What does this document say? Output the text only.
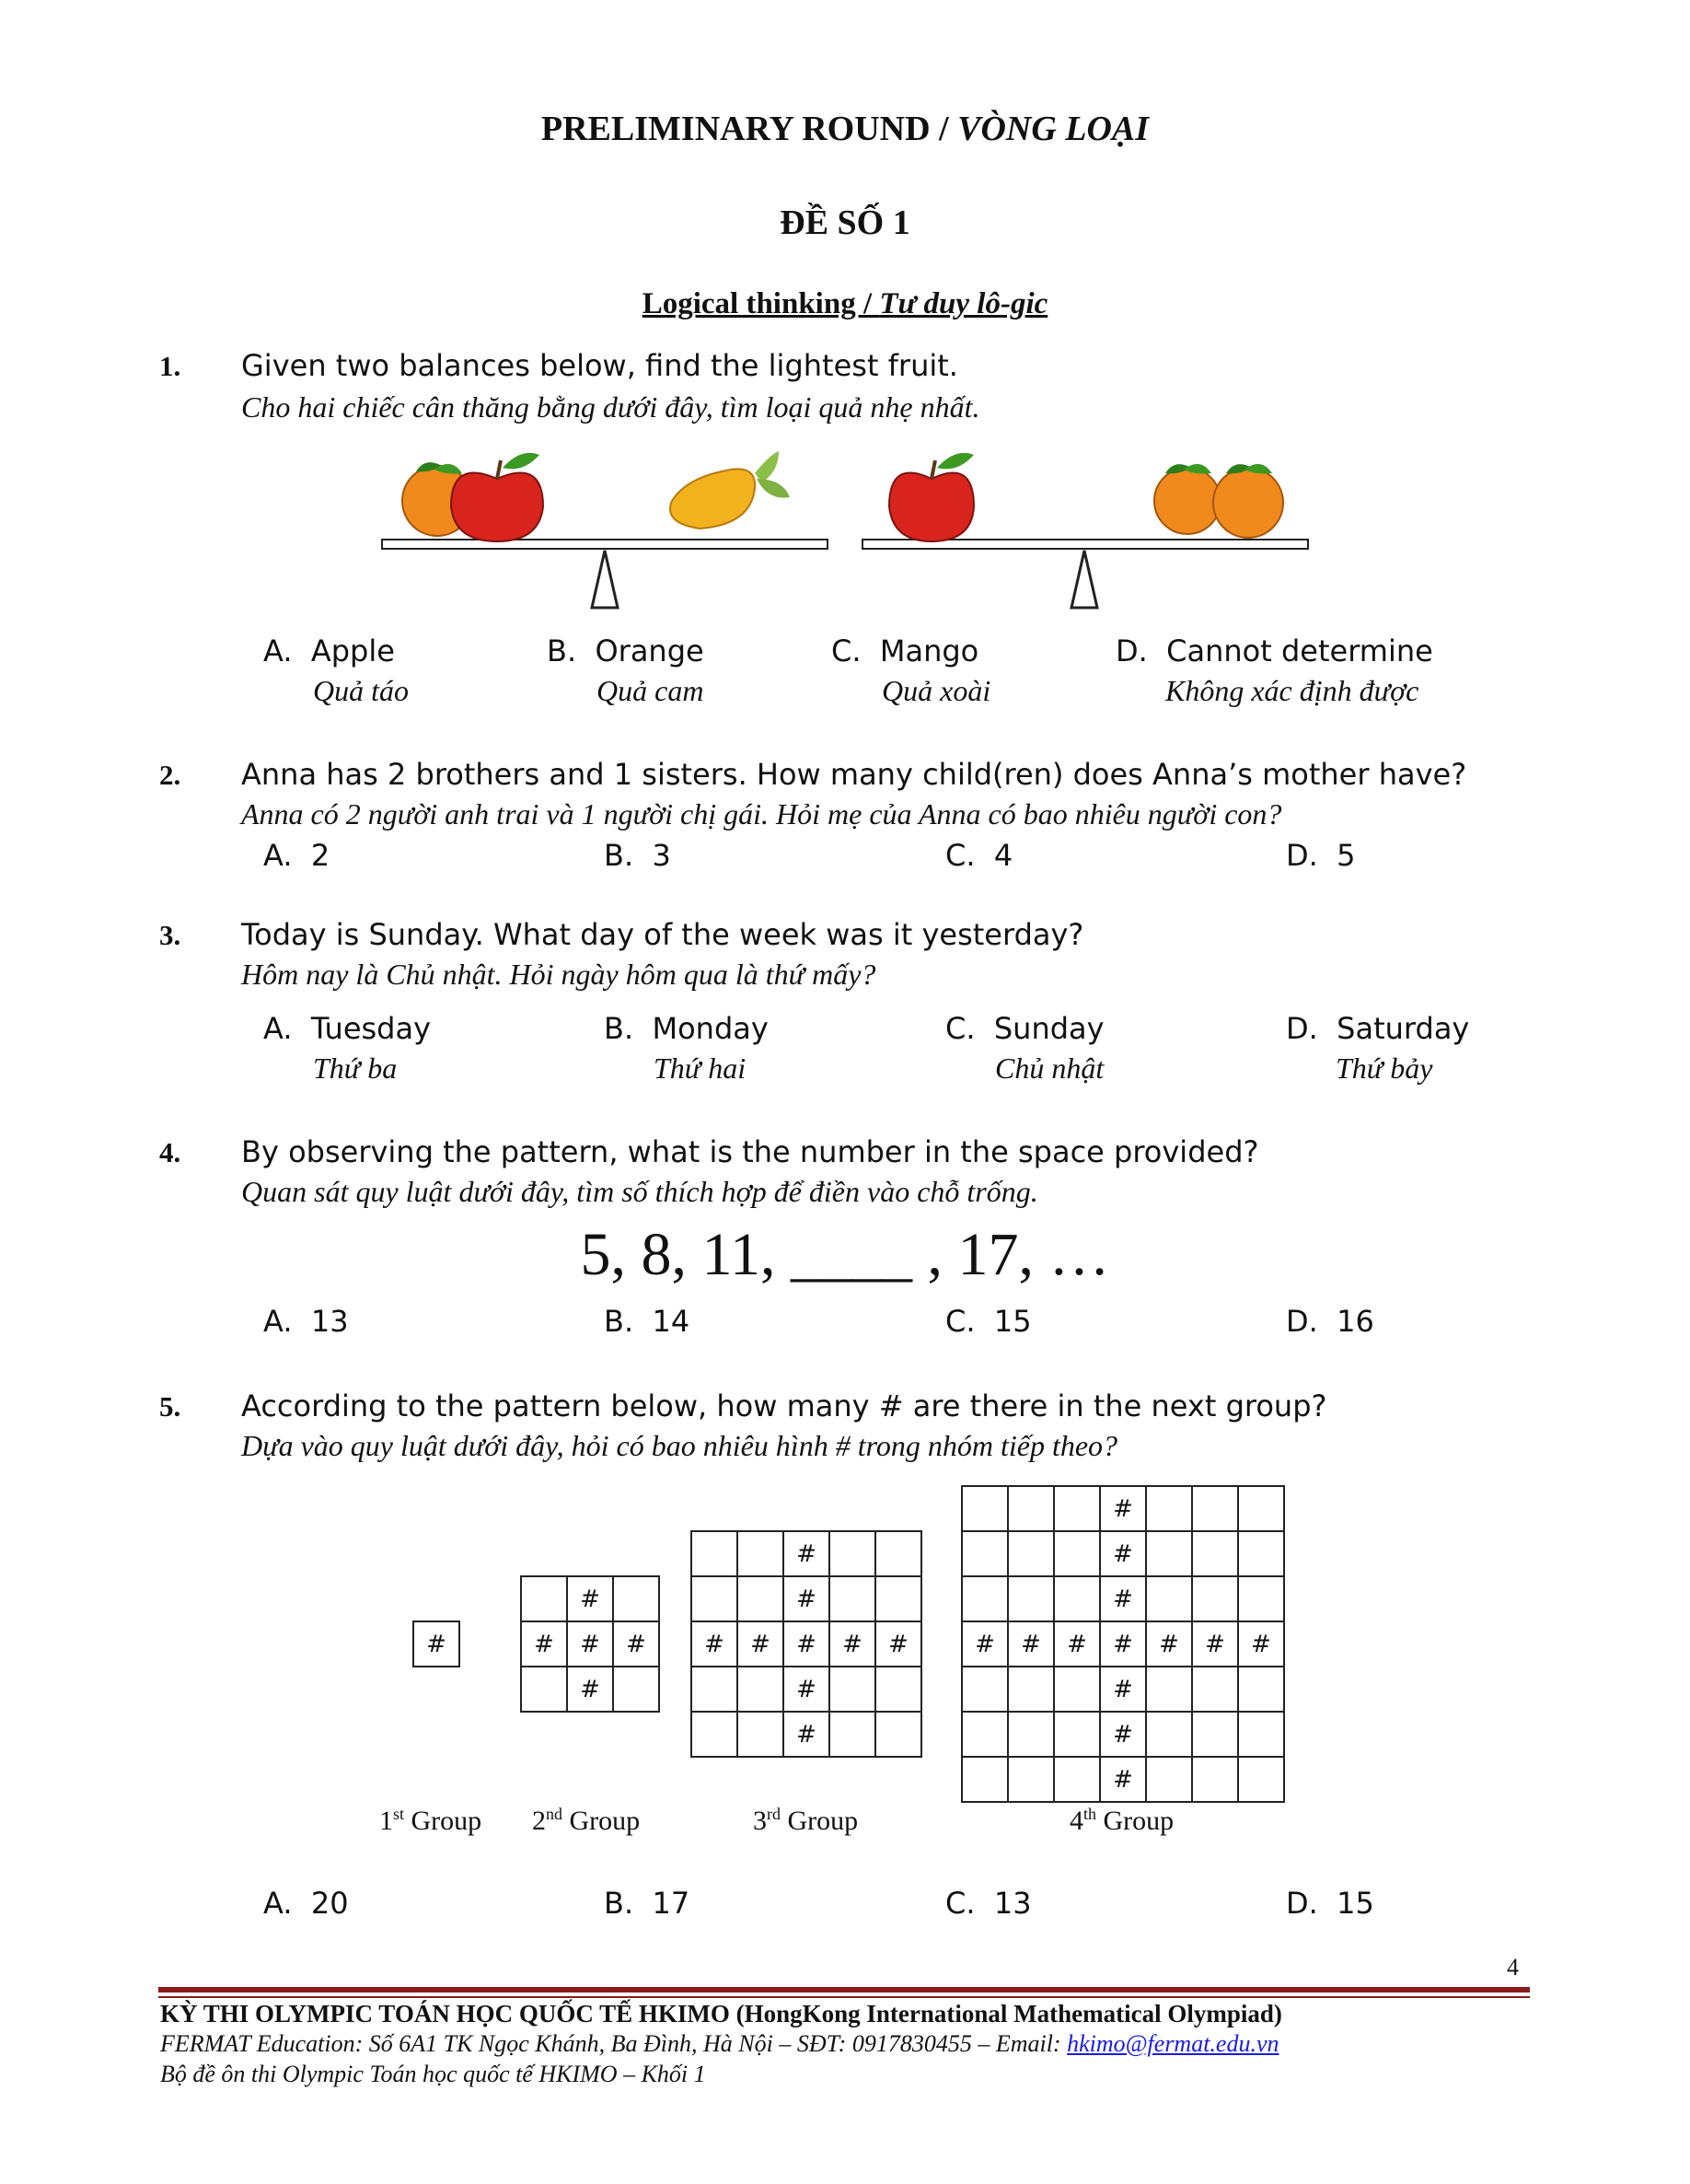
PRELIMINARY ROUND / VÒNG LOẠI
ĐỀ SỐ 1
Logical thinking / Tư duy lô-gic
1. Given two balances below, find the lightest fruit.
Cho hai chiếc cân thăng bằng dưới đây, tìm loại quả nhẹ nhất.
A. Apple
Quả táo
B. Orange
Quả cam
C. Mango
Quả xoài
D. Cannot determine
Không xác định được
2. Anna has 2 brothers and 1 sisters. How many child(ren) does Anna’s mother have?
Anna có 2 người anh trai và 1 người chị gái. Hỏi mẹ của Anna có bao nhiêu người con?
A. 2	B. 3	C. 4	D. 5
3. Today is Sunday. What day of the week was it yesterday?
Hôm nay là Chủ nhật. Hỏi ngày hôm qua là thứ mấy?
A. Tuesday
Thứ ba
B. Monday
Thứ hai
C. Sunday
Chủ nhật
D. Saturday
Thứ bảy
4. By observing the pattern, what is the number in the space provided?
Quan sát quy luật dưới đây, tìm số thích hợp để điền vào chỗ trống.
5, 8, 11, ____ , 17, …
A. 13	B. 14	C. 15	D. 16
5. According to the pattern below, how many # are there in the next group?
Dựa vào quy luật dưới đây, hỏi có bao nhiêu hình # trong nhóm tiếp theo?
#
	#	
#	#	#
	#	
		#		
		#		
#	#	#	#	#
		#		
		#		
			#			
			#			
			#			
#	#	#	#	#	#	#
			#			
			#			
			#			
1st Group 2nd Group	3rd Group	4th Group
A. 20	B. 17	C. 13	D. 15
4
KỲ THI OLYMPIC TOÁN HỌC QUỐC TẾ HKIMO (HongKong International Mathematical Olympiad)
FERMAT Education: Số 6A1 TK Ngọc Khánh, Ba Đình, Hà Nội – SĐT: 0917830455 – Email: hkimo@fermat.edu.vn
Bộ đề ôn thi Olympic Toán học quốc tế HKIMO – Khối 1
